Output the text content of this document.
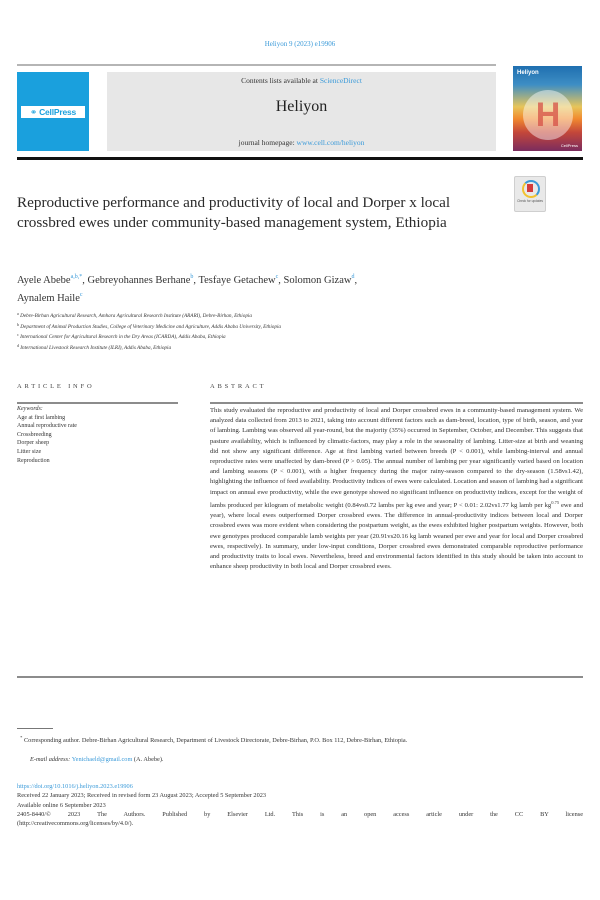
Heliyon 9 (2023) e19906
⚭ CellPress
Contents lists available at ScienceDirect
Heliyon
journal homepage: www.cell.com/heliyon
Heliyon
H
CellPress
Check for updates
Reproductive performance and productivity of local and Dorper x local crossbred ewes under community-based management system, Ethiopia
Ayele Abebe$^{a,b,*}$, Gebreyohannes Berhane$^b$, Tesfaye Getachew$^c$, Solomon Gizaw$^d$,
Aynalem Haile$^c$
$^a$ Debre-Birhan Agricultural Research, Amhara Agricultural Research Institute (ARARI), Debre-Birhan, Ethiopia
$^b$ Department of Animal Production Studies, College of Veterinary Medicine and Agriculture, Addis Ababa University, Ethiopia
$^c$ International Center for Agricultural Research in the Dry Areas (ICARDA), Addis Ababa, Ethiopia
$^d$ International Livestock Research Institute (ILRI), Addis Ababa, Ethiopia
ARTICLE INFO
Keywords:
Age at first lambing
Annual reproductive rate
Crossbreeding
Dorper sheep
Litter size
Reproduction
ABSTRACT
This study evaluated the reproductive and productivity of local and Dorper crossbred ewes in a community-based management system. We analyzed data collected from 2013 to 2021, taking into account different factors such as dam-breed, location, type of birth, season, and year of lambing. Lambing was observed all year-round, but the majority (35%) occurred in September, October, and December. This suggests that pasture availability, which is influenced by climatic-factors, may play a role in the seasonality of lambing. Litter-size at birth and weaning did not show any significant difference. Age at first lambing varied between breeds (P < 0.001), while lambing-interval and annual reproductive rates were unaffected by dam-breed (P > 0.05). The annual number of lambing per year significantly varied based on location and lambing seasons (P < 0.001), with a higher frequency during the major rainy-season compared to the dry-season (1.58vs1.42), highlighting the influence of feed availability. Productivity indices of ewes were calculated. Location and season of lambing had a significant impact on annual ewe productivity, while the ewe genotype showed no significant influence on productivity indices, except for the weight of lambs produced per kilogram of metabolic weight (0.84vs0.72 lambs per kg ewe and year; P < 0.01: 2.02vs1.77 kg lamb per $kg^{0.75}$ ewe and year), where local ewes outperformed Dorper crossbred ewes. The difference in annual-productivity indices between local and Dorper crossbred ewes was more evident when considering the postpartum weight, as the ewes exhibited higher postpartum weights. However, both ewe genotypes produced comparable lamb weights per year (20.91vs20.16 kg lamb weaned per ewe and year for local and Dorper crossbred ewes, respectively). In summary, under low-input conditions, Dorper crossbred ewes demonstrated comparable reproductive performance and productivity traits to local ewes. Nevertheless, breed and environmental factors identified in this study should be taken into account to enhance sheep productivity in both local and Dorper crossbred ewes.
* Corresponding author. Debre-Birhan Agricultural Research, Department of Livestock Directorate, Debre-Birhan, P.O. Box 112, Debre-Birhan, Ethiopia.
E-mail address: Yenichaeld@gmail.com (A. Abebe).
https://doi.org/10.1016/j.heliyon.2023.e19906
Received 22 January 2023; Received in revised form 23 August 2023; Accepted 5 September 2023
Available online 6 September 2023
2405-8440/© 2023 The Authors. Published by Elsevier Ltd. This is an open access article under the CC BY license
(http://creativecommons.org/licenses/by/4.0/).
